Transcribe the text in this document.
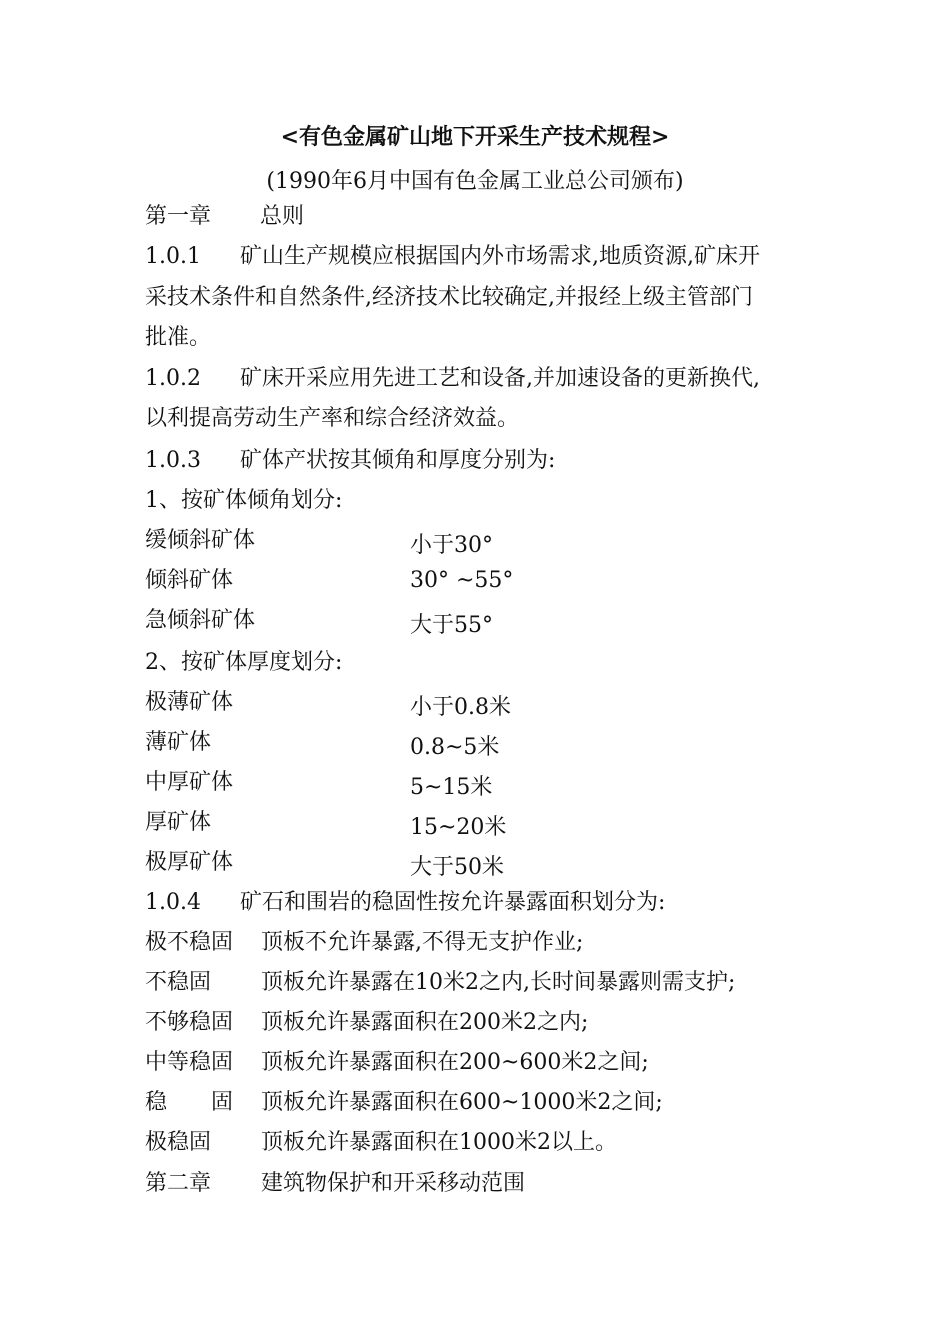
<有色金属矿山地下开采生产技术规程>
(1990年6月中国有色金属工业总公司颁布)
第一章 总则
1.0.1 矿山生产规模应根据国内外市场需求,地质资源,矿床开
采技术条件和自然条件,经济技术比较确定,并报经上级主管部门
批准。
1.0.2 矿床开采应用先进工艺和设备,并加速设备的更新换代,
以利提高劳动生产率和综合经济效益。
1.0.3 矿体产状按其倾角和厚度分别为:
1、按矿体倾角划分:
缓倾斜矿体	小于30°
倾斜矿体	30° ~55°
急倾斜矿体	大于55°
2、按矿体厚度划分:
极薄矿体	小于0.8米
薄矿体	0.8~5米
中厚矿体	5~15米
厚矿体	15~20米
极厚矿体	大于50米
1.0.4 矿石和围岩的稳固性按允许暴露面积划分为:
极不稳固 顶板不允许暴露,不得无支护作业;
不稳固 顶板允许暴露在10米2之内,长时间暴露则需支护;
不够稳固 顶板允许暴露面积在200米2之内;
中等稳固 顶板允许暴露面积在200~600米2之间;
稳　　固 顶板允许暴露面积在600~1000米2之间;
极稳固 顶板允许暴露面积在1000米2以上。
第二章 建筑物保护和开采移动范围
